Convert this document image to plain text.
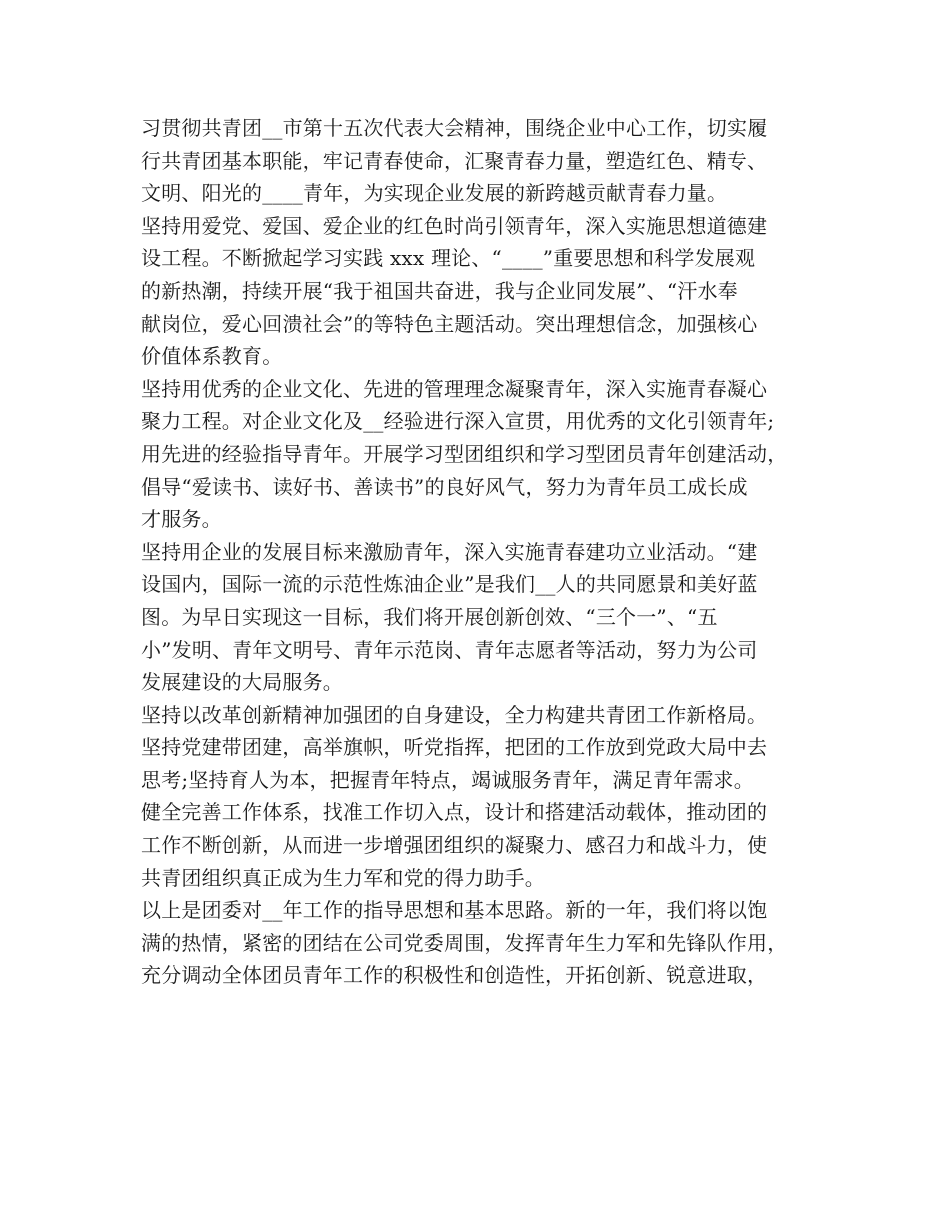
习贯彻共青团__市第十五次代表大会精神，围绕企业中心工作，切实履
行共青团基本职能，牢记青春使命，汇聚青春力量，塑造红色、精专、
文明、阳光的____青年，为实现企业发展的新跨越贡献青春力量。
坚持用爱党、爱国、爱企业的红色时尚引领青年，深入实施思想道德建
设工程。不断掀起学习实践 xxx 理论、“____”重要思想和科学发展观
的新热潮，持续开展“我于祖国共奋进，我与企业同发展”、“汗水奉
献岗位，爱心回溃社会”的等特色主题活动。突出理想信念，加强核心
价值体系教育。
坚持用优秀的企业文化、先进的管理理念凝聚青年，深入实施青春凝心
聚力工程。对企业文化及__经验进行深入宣贯，用优秀的文化引领青年;
用先进的经验指导青年。开展学习型团组织和学习型团员青年创建活动，
倡导“爱读书、读好书、善读书”的良好风气，努力为青年员工成长成
才服务。
坚持用企业的发展目标来激励青年，深入实施青春建功立业活动。“建
设国内，国际一流的示范性炼油企业”是我们__人的共同愿景和美好蓝
图。为早日实现这一目标，我们将开展创新创效、“三个一”、“五
小”发明、青年文明号、青年示范岗、青年志愿者等活动，努力为公司
发展建设的大局服务。
坚持以改革创新精神加强团的自身建设，全力构建共青团工作新格局。
坚持党建带团建，高举旗帜，听党指挥，把团的工作放到党政大局中去
思考;坚持育人为本，把握青年特点，竭诚服务青年，满足青年需求。
健全完善工作体系，找准工作切入点，设计和搭建活动载体，推动团的
工作不断创新，从而进一步增强团组织的凝聚力、感召力和战斗力，使
共青团组织真正成为生力军和党的得力助手。
以上是团委对__年工作的指导思想和基本思路。新的一年，我们将以饱
满的热情，紧密的团结在公司党委周围，发挥青年生力军和先锋队作用，
充分调动全体团员青年工作的积极性和创造性，开拓创新、锐意进取，
